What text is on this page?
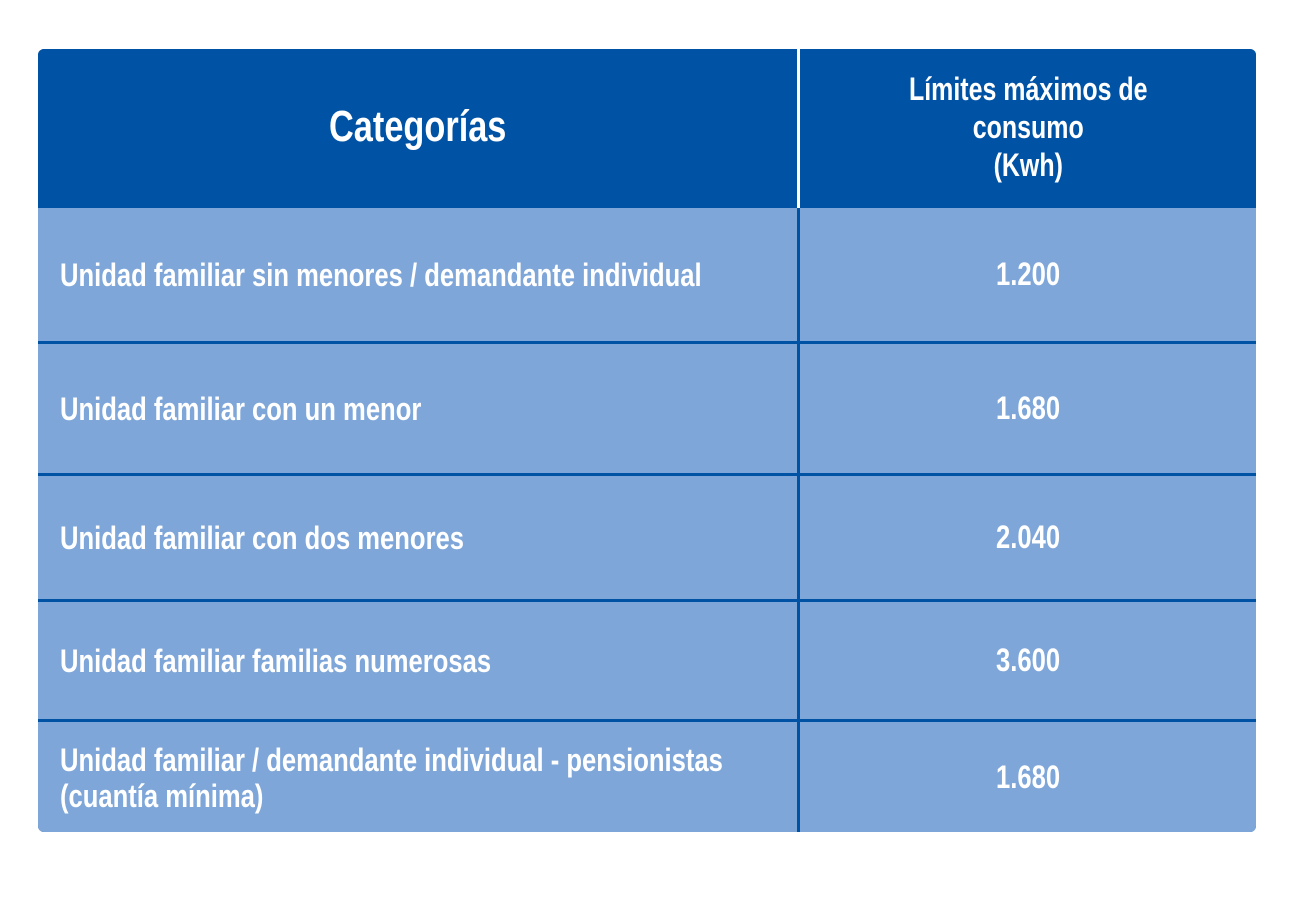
Categorías	Límites máximos de consumo
(Kwh)

Unidad familiar sin menores / demandante individual	1.200
Unidad familiar con un menor	1.680
Unidad familiar con dos menores	2.040
Unidad familiar familias numerosas	3.600
Unidad familiar / demandante individual - pensionistas
(cuantía mínima)	1.680
